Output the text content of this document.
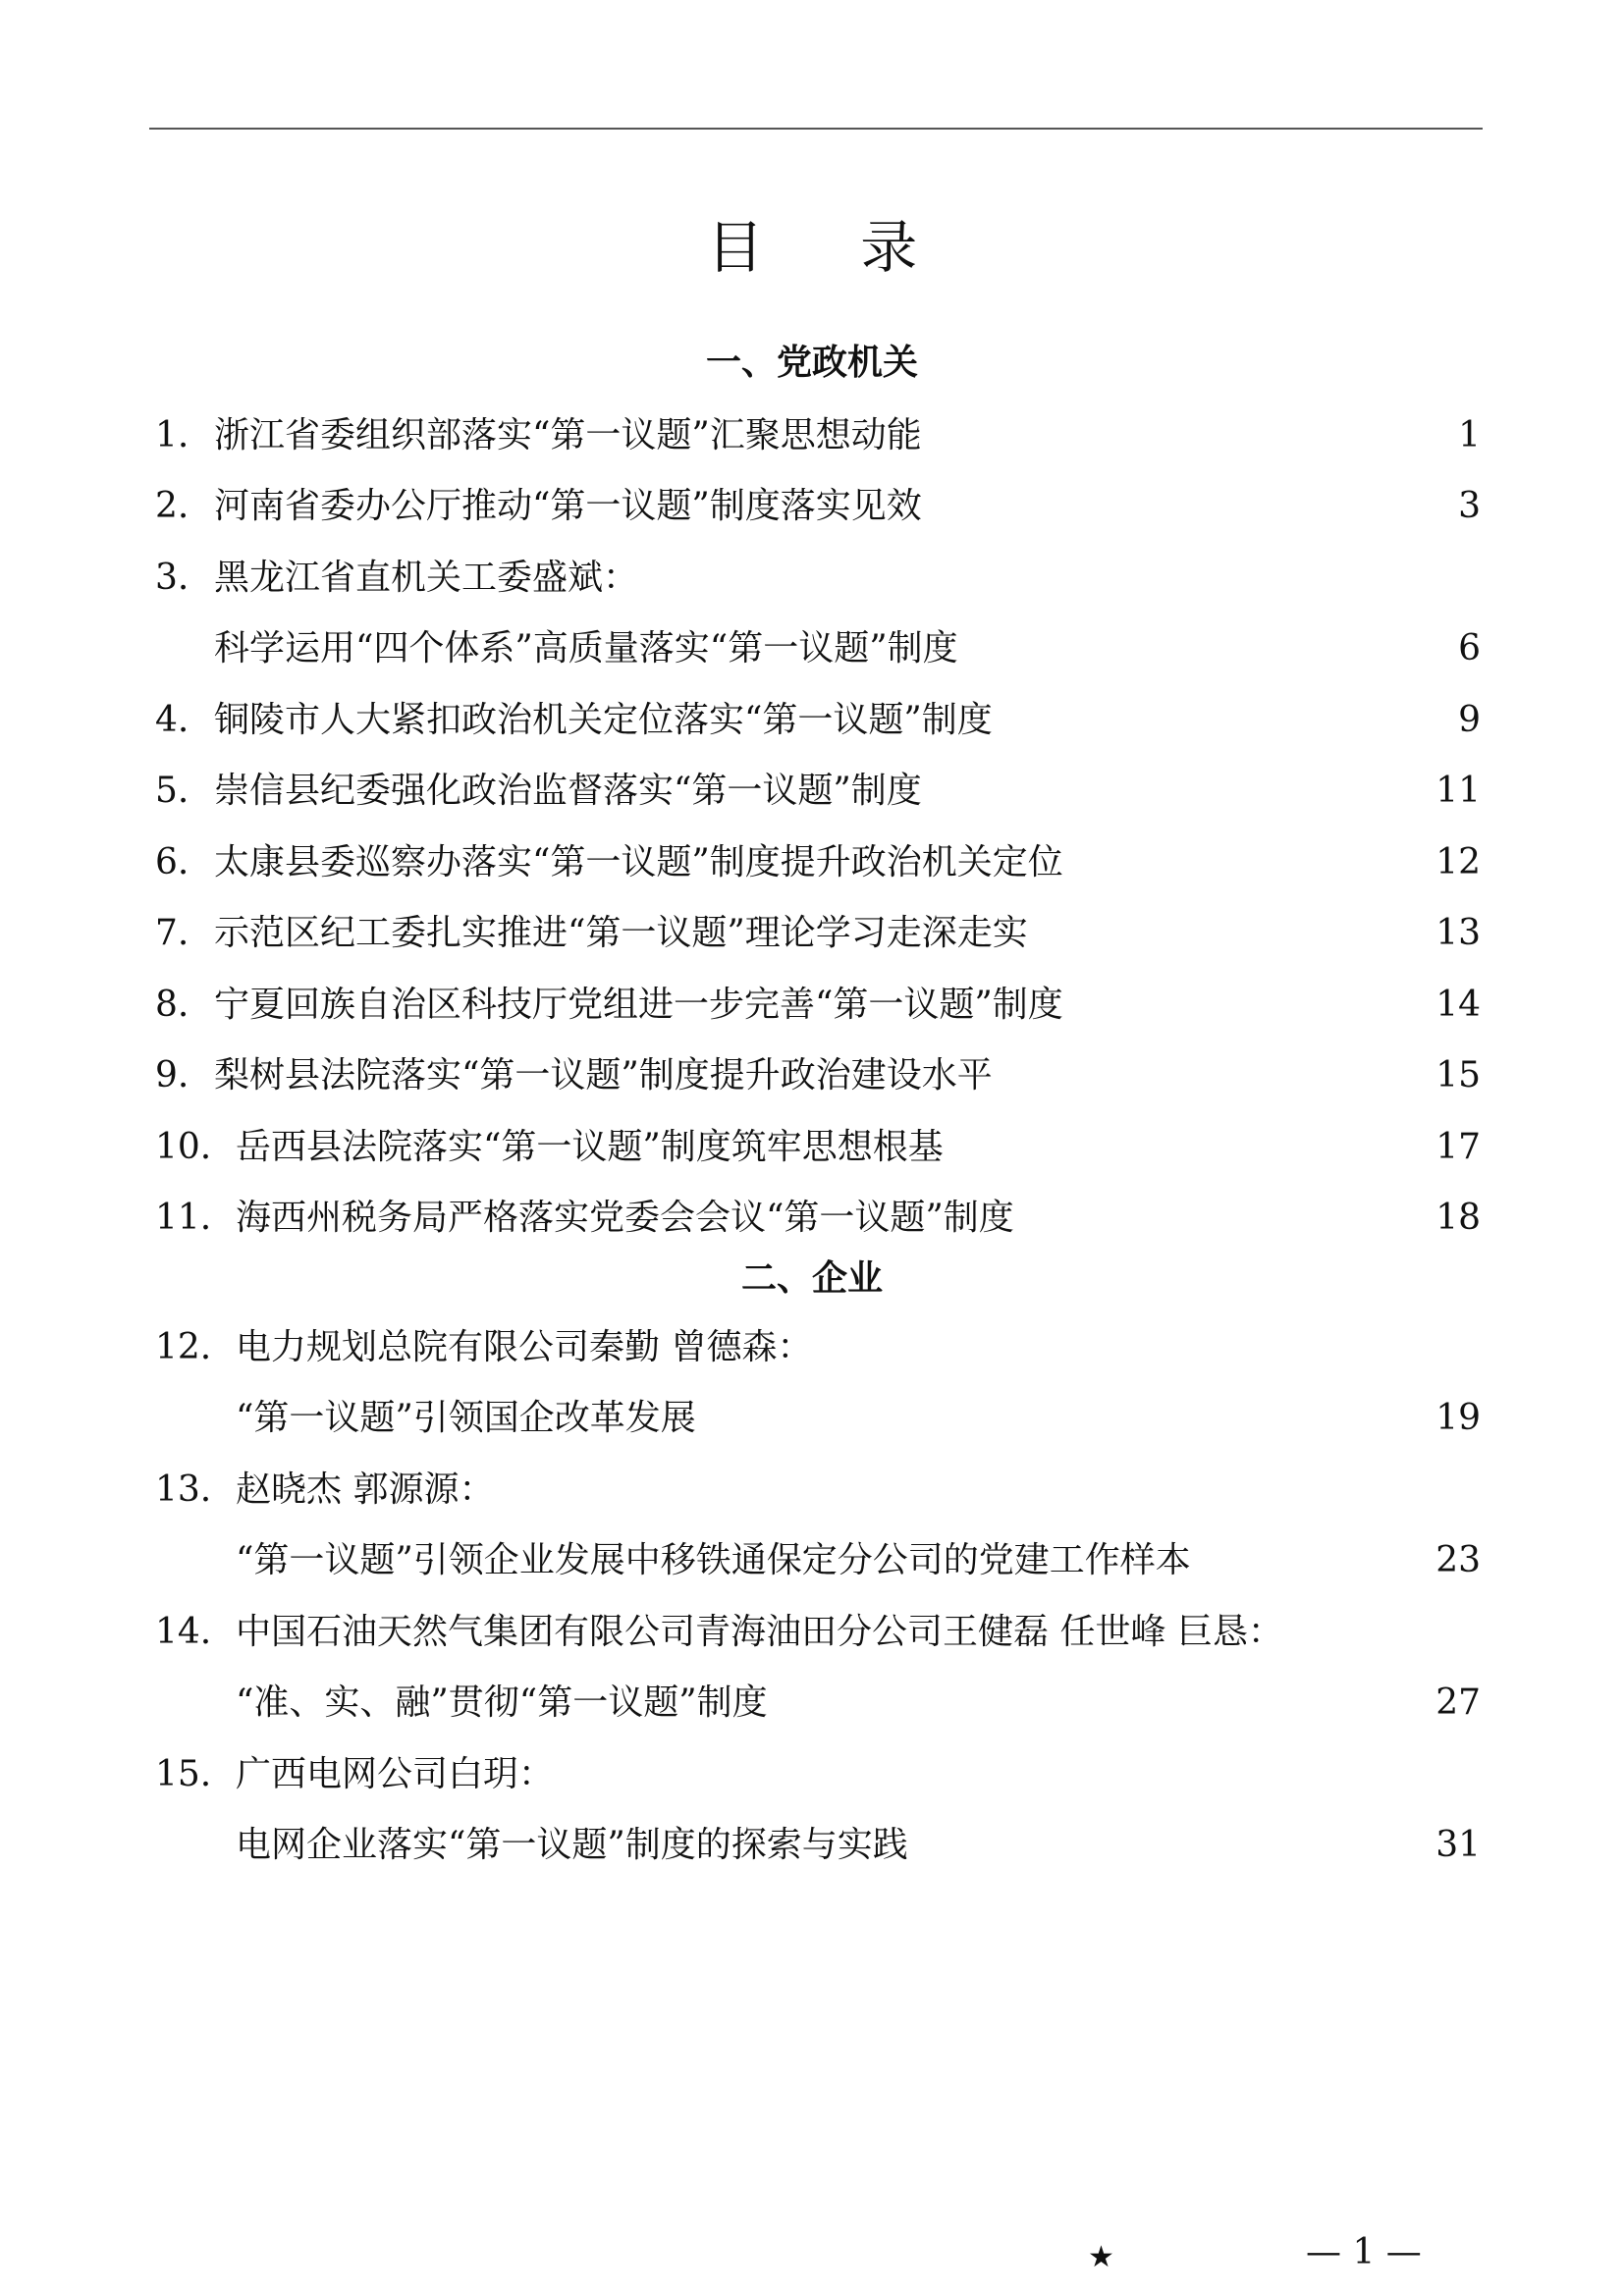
目 录
一、党政机关
1. 浙江省委组织部落实“第一议题”汇聚思想动能	1
2. 河南省委办公厅推动“第一议题”制度落实见效	3
3. 黑龙江省直机关工委盛斌：
科学运用“四个体系”高质量落实“第一议题”制度	6
4. 铜陵市人大紧扣政治机关定位落实“第一议题”制度	9
5. 崇信县纪委强化政治监督落实“第一议题”制度	11
6. 太康县委巡察办落实“第一议题”制度提升政治机关定位	12
7. 示范区纪工委扎实推进“第一议题”理论学习走深走实	13
8. 宁夏回族自治区科技厅党组进一步完善“第一议题”制度	14
9. 梨树县法院落实“第一议题”制度提升政治建设水平	15
10. 岳西县法院落实“第一议题”制度筑牢思想根基	17
11. 海西州税务局严格落实党委会会议“第一议题”制度	18
二、企业
12. 电力规划总院有限公司秦勤 曾德森：
“第一议题”引领国企改革发展	19
13. 赵晓杰 郭源源：
“第一议题”引领企业发展中移铁通保定分公司的党建工作样本	23
14. 中国石油天然气集团有限公司青海油田分公司王健磊 任世峰 巨恳：
“准、实、融”贯彻“第一议题”制度	27
15. 广西电网公司白玥：
电网企业落实“第一议题”制度的探索与实践	31
★	— 1 —
